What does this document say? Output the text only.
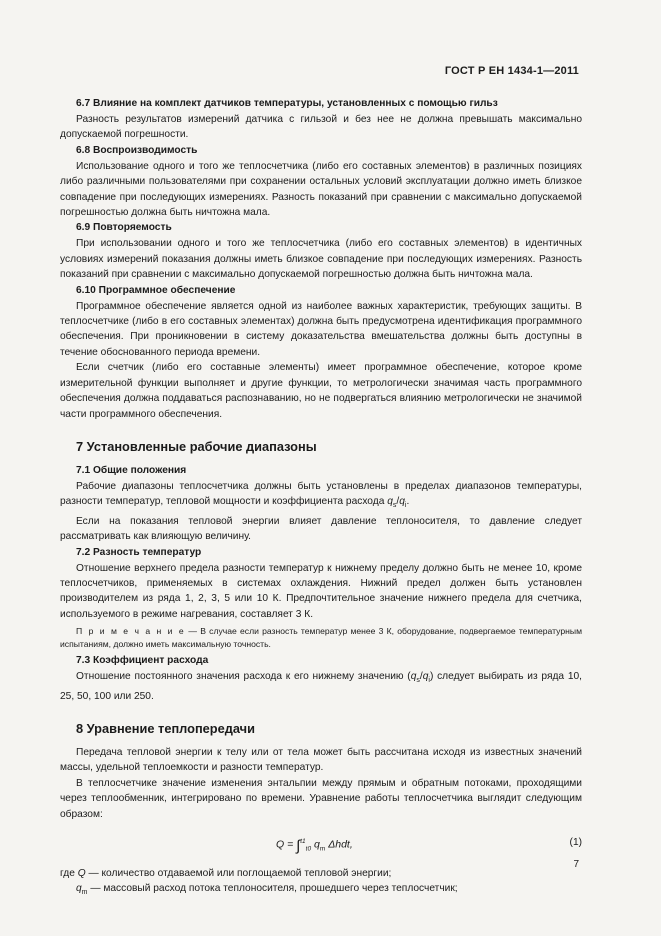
ГОСТ Р ЕН 1434-1—2011
6.7 Влияние на комплект датчиков температуры, установленных с помощью гильз

Разность результатов измерений датчика с гильзой и без нее не должна превышать максимально допускаемой погрешности.

6.8 Воспроизводимость

Использование одного и того же теплосчетчика (либо его составных элементов) в различных позициях либо различными пользователями при сохранении остальных условий эксплуатации должно иметь близкое совпадение при последующих измерениях. Разность показаний при сравнении с максимально допускаемой погрешностью должна быть ничтожна мала.

6.9 Повторяемость

При использовании одного и того же теплосчетчика (либо его составных элементов) в идентичных условиях измерений показания должны иметь близкое совпадение при последующих измерениях. Разность показаний при сравнении с максимально допускаемой погрешностью должна быть ничтожна мала.

6.10 Программное обеспечение

Программное обеспечение является одной из наиболее важных характеристик, требующих защиты. В теплосчетчике (либо в его составных элементах) должна быть предусмотрена идентификация программного обеспечения. При проникновении в систему доказательства вмешательства должны быть доступны в течение обоснованного периода времени.

Если счетчик (либо его составные элементы) имеет программное обеспечение, которое кроме измерительной функции выполняет и другие функции, то метрологически значимая часть программного обеспечения должна поддаваться распознаванию, но не подвергаться влиянию метрологически не значимой части программного обеспечения.

7 Установленные рабочие диапазоны
7.1 Общие положения

Рабочие диапазоны теплосчетчика должны быть установлены в пределах диапазонов температуры, разности температур, тепловой мощности и коэффициента расхода $q_s/q_i$.

Если на показания тепловой энергии влияет давление теплоносителя, то давление следует рассматривать как влияющую величину.

7.2 Разность температур

Отношение верхнего предела разности температур к нижнему пределу должно быть не менее 10, кроме теплосчетчиков, применяемых в системах охлаждения. Нижний предел должен быть установлен производителем из ряда 1, 2, 3, 5 или 10 К. Предпочтительное значение нижнего предела для счетчика, используемого в режиме нагревания, составляет 3 К.

П р и м е ч а н и е — В случае если разность температур менее 3 К, оборудование, подвергаемое температурным испытаниям, должно иметь максимальную точность.

7.3 Коэффициент расхода

Отношение постоянного значения расхода к его нижнему значению $(q_s/q_i)$ следует выбирать из ряда 10, 25, 50, 100 или 250.

8 Уравнение теплопередачи

Передача тепловой энергии к телу или от тела может быть рассчитана исходя из известных значений массы, удельной теплоемкости и разности температур.

В теплосчетчике значение изменения энтальпии между прямым и обратным потоками, проходящими через теплообменник, интегрировано по времени. Уравнение работы теплосчетчика выглядит следующим образом:

Q = ∫$^{t1}_{t0}$ $q_m$ Δhdt,	(1)
где Q — количество отдаваемой или поглощаемой тепловой энергии;
$q_m$ — массовый расход потока теплоносителя, прошедшего через теплосчетчик;
7
